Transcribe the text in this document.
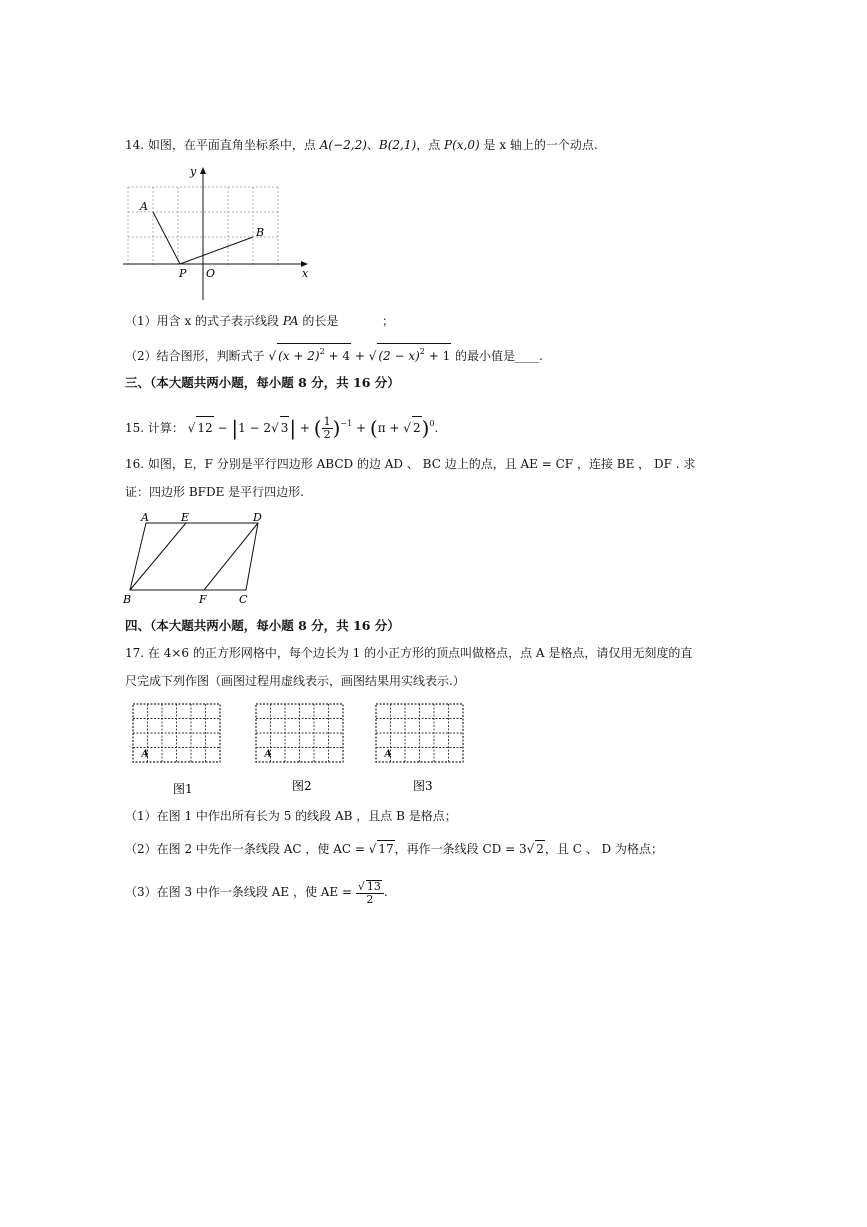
14. 如图，在平面直角坐标系中，点 A(−2,2)、B(2,1)，点 P(x,0) 是 x 轴上的一个动点.
y
x
A
B
P O
（1）用含 x 的式子表示线段 PA 的长是	；
（2）结合图形，判断式子 √ $(x + 2)^2 + 4$ + √ $(2 - x)^2 + 1$ 的最小值是____.
三、（本大题共两小题，每小题 8 分，共 16 分）
15. 计算： √ 12 − |1 − 2√ 3| + ( $\frac{1}{2} )^{-1} + (\pi$ + √ 2)$^0$.
16. 如图，E，F 分别是平行四边形 ABCD 的边 AD 、 BC 边上的点，且 AE = CF ，连接 BE ， DF . 求
证：四边形 BFDE 是平行四边形.
A	E	D
B	F	C
四、（本大题共两小题，每小题 8 分，共 16 分）
17. 在 4×6 的正方形网格中，每个边长为 1 的小正方形的顶点叫做格点，点 A 是格点，请仅用无刻度的直
尺完成下列作图（画图过程用虚线表示，画图结果用实线表示.）
A	A	A
图1	图2	图3
（1）在图 1 中作出所有长为 5 的线段 AB ，且点 B 是格点；
（2）在图 2 中先作一条线段 AC ，使 AC = √ 17，再作一条线段 CD = 3√ 2，且 C 、 D 为格点；
（3）在图 3 中作一条线段 AE ，使 AE = $\frac{√ 13}{2}$ .
